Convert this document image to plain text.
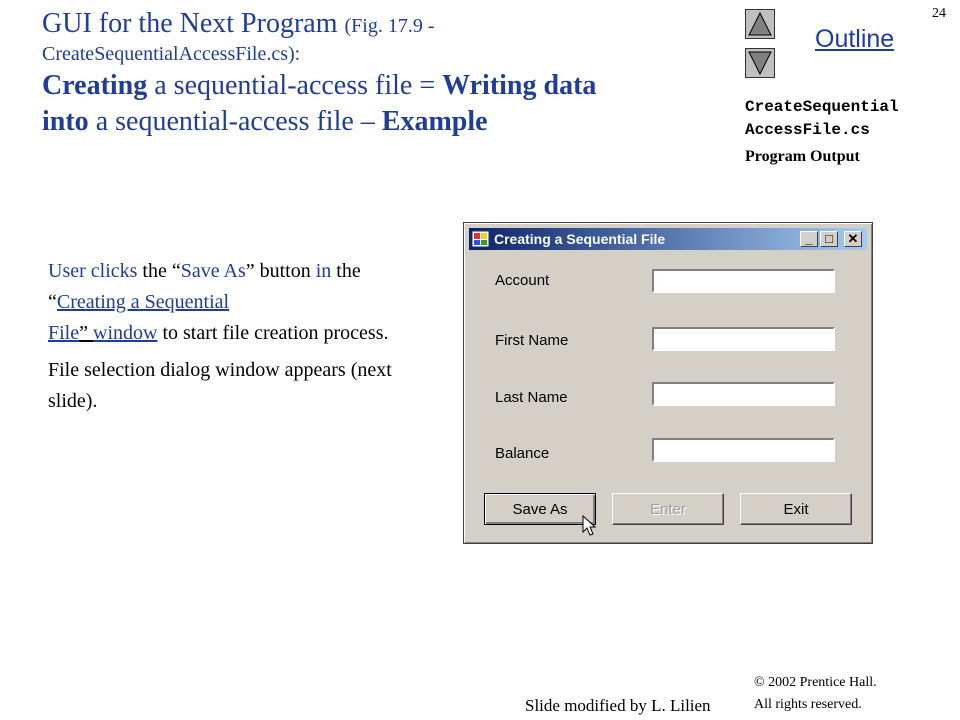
GUI for the Next Program (Fig. 17.9 -
CreateSequentialAccessFile.cs):
Creating a sequential-access file = Writing data
into a sequential-access file – Example
Outline
24
CreateSequential
AccessFile.cs
Program Output

User clicks the “Save As” button in the “Creating a Sequential
File” window to start file creation process.

File selection dialog window appears (next slide).

Creating a Sequential File	_ □	✕
Account
First Name
Last Name
Balance
Save As	Enter	Exit
Slide modified by L. Lilien
© 2002 Prentice Hall.
All rights reserved.
